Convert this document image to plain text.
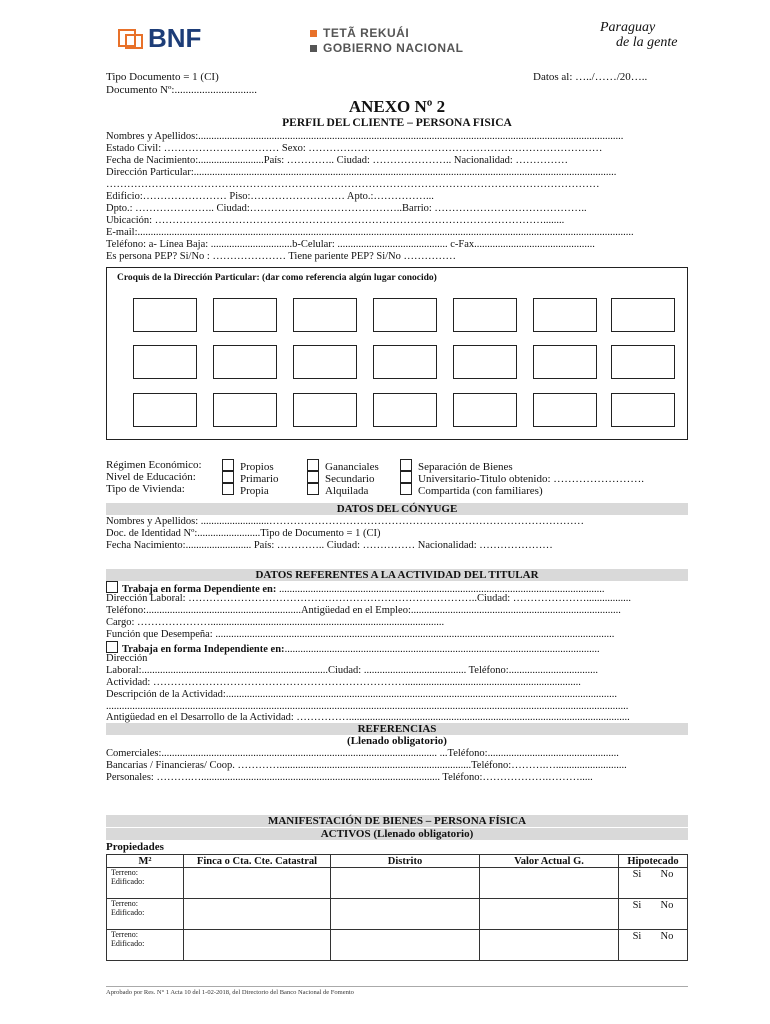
BNF	TETÃ REKUÁI
GOBIERNO NACIONAL
Paraguay
de la gente
Tipo Documento = 1 (CI)
Documento Nº:..............................
Datos al: …../……/20…..
ANEXO Nº 2
PERFIL DEL CLIENTE – PERSONA FISICA
Nombres y Apellidos:..................................................................................................................................................................
Estado Civil: …………………………… Sexo: …………………………………………………………………………
Fecha de Nacimiento:.........................País: ………….. Ciudad: ………………….. Nacionalidad: ……………
Dirección Particular:.................................................................................................................................................................
……………………………………………………………………………………………………………………………
Edificio:…………………… Piso:……………………… Apto.:……………...
Dpto.: ………………….. Ciudad:……………………………………..Barrio: ……………………………………..
Ubicación: …………………………………………………………………………………………………........
E-mail:.............................................................................................................................................................................................
Teléfono: a- Línea Baja: ...............................b-Celular: .......................................... c-Fax..............................................
Es persona PEP? Si/No : ………………… Tiene pariente PEP? Si/No ……………
Croquis de la Dirección Particular: (dar como referencia algún lugar conocido)
Régimen Económico:	Propios	Gananciales	Separación de Bienes
Nivel de Educación:	Primario	Secundario	Universitario-Titulo obtenido: …………………….
Tipo de Vivienda:	Propia	Alquilada	Compartida (con familiares)
DATOS DEL CÓNYUGE
Nombres y Apellidos: ..........................………………………………………………………………………………
Doc. de Identidad Nº:........................Tipo de Documento = 1 (CI)
Fecha Nacimiento:......................... País: ………….. Ciudad: …………… Nacionalidad: …………………
DATOS REFERENTES A LA ACTIVIDAD DEL TITULAR
Trabaja en forma Dependiente en: ............................................................................................................................
Dirección Laboral: ………………………………………………………………………..Ciudad: ………………….................
Teléfono:...........................................................Antigüedad en el Empleo:................................................................................
Cargo: ………………….........................................................................................
Función que Desempeña: ........................................................................................................................................................
Trabaja en forma Independiente en:........................................................................................................................
Dirección
Laboral:.......................................................................Ciudad: ....................................... Teléfono:..................................
Actividad: ………………………………………………………………...................................................................
Descripción de la Actividad:.....................................................................................................................................................
.......................................................................................................................................................................................................
Antigüedad en el Desarrollo de la Actividad: ……………...........................................................................................................
REFERENCIAS
(Llenado obligatorio)
Comerciales:......................................................................................................... ...Teléfono:..................................................
Bancarias / Financieras/ Coop. ………….........................................................................Teléfono:……….…...........................
Personales: ……….…........................................................................................... Teléfono:……………….……….....
MANIFESTACIÓN DE BIENES – PERSONA FÍSICA
ACTIVOS (Llenado obligatorio)
Propiedades
M²	Finca o Cta. Cte. Catastral	Distrito	Valor Actual G.	Hipotecado

Terreno:
Edificado:				Si No

Terreno:
Edificado:				Si No

Terreno:
Edificado:				Si No
Aprobado por Res. N° 1 Acta 10 del 1-02-2018, del Directorio del Banco Nacional de Fomento
